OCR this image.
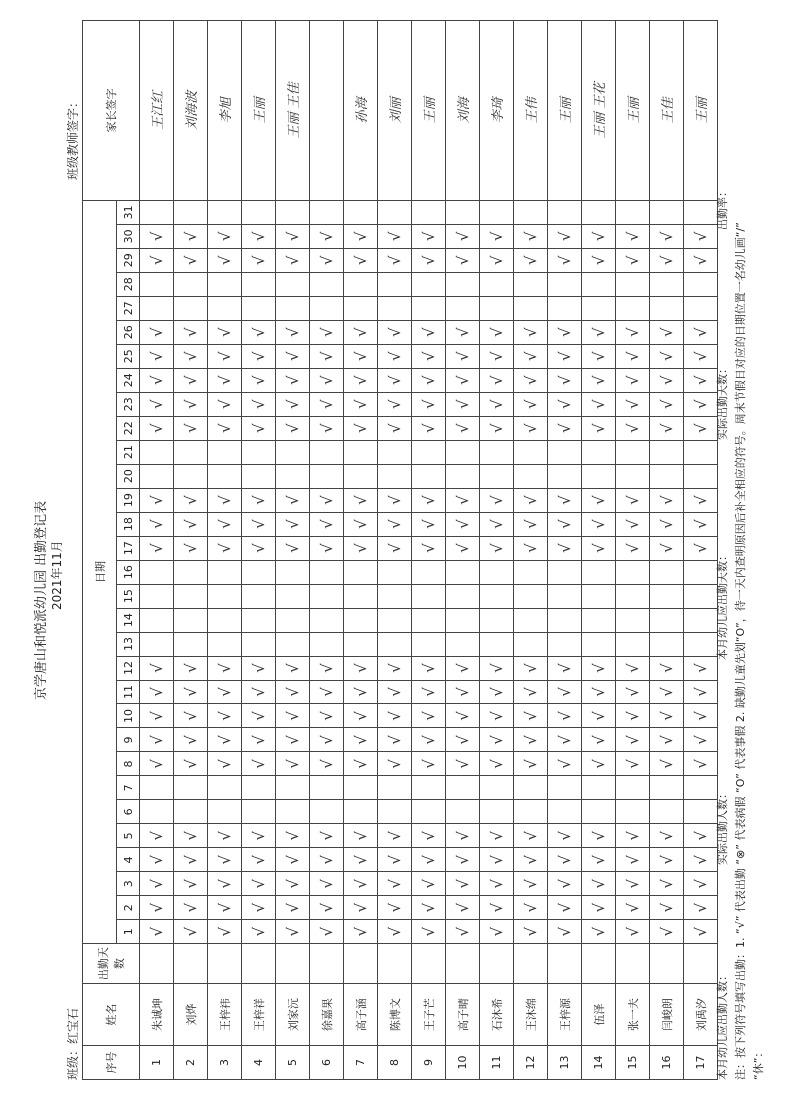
京学唐山和悦派幼儿园 出勤登记表 2021年11月
班级：红宝石
班级教师签字：
序号	姓名	出勤天数	日期																															家长签字
			1	2	3	4	5	6	7	8	9	10	11	12	13	14	15	16	17	18	19	20	21	22	23	24	25	26	27	28	29	30	31	
1	朱诚坤		√	√	√	√	√			√	√	√	√	√					√	√	√			√	√	√	√	√			√	√		王江红
2	刘烨		√	√	√	√	√			√	√	√	√	√					√	√	√			√	√	√	√	√			√	√		刘海波
3	王梓祎		√	√	√	√	√			√	√	√	√	√					√	√	√			√	√	√	√	√			√	√		李旭
4	王梓祥		√	√	√	√	√			√	√	√	√	√					√	√	√			√	√	√	√	√			√	√		王丽
5	刘家沅		√	√	√	√	√			√	√	√	√	√					√	√	√			√	√	√	√	√			√	√		王丽 王佳
6	徐嘉果		√	√	√	√	√			√	√	√	√	√					√	√	√			√	√	√	√	√			√	√		
7	高子涵		√	√	√	√	√			√	√	√	√	√					√	√	√			√	√	√	√	√			√	√		孙海
8	陈博文		√	√	√	√	√			√	√	√	√	√					√	√	√			√	√	√	√	√			√	√		刘丽
9	王子芒		√	√	√	√	√			√	√	√	√	√					√	√	√			√	√	√	√	√			√	√		王丽
10	高子晴		√	√	√	√	√			√	√	√	√	√					√	√	√			√	√	√	√	√			√	√		刘海
11	石沐希		√	√	√	√	√			√	√	√	√	√					√	√	√			√	√	√	√	√			√	√		李琦
12	王沐绵		√	√	√	√	√			√	√	√	√	√					√	√	√			√	√	√	√	√			√	√		王伟
13	王梓源		√	√	√	√	√			√	√	√	√	√					√	√	√			√	√	√	√	√			√	√		王丽
14	伍泽		√	√	√	√	√			√	√	√	√	√					√	√	√			√	√	√	√	√			√	√		王丽 王花
15	张一夫		√	√	√	√	√			√	√	√	√	√					√	√	√			√	√	√	√	√			√	√		王丽
16	闫峻朗		√	√	√	√	√			√	√	√	√	√					√	√	√			√	√	√	√	√			√	√		王佳
17	刘禹汐		√	√	√	√	√			√	√	√	√	√					√	√	√			√	√	√	√	√			√	√		王丽
本月幼儿应出勤人数：
实际出勤人数：
本月幼儿应出勤天数：
实际出勤天数：
出勤率：
注：按下列符号填写出勤：1. “√” 代表出勤 “⊗” 代表病假 “O” 代表事假 2. 缺勤儿童先划“O”，待一天内查明原因后补全相应的符号。周末节假日对应的日期位置一名幼儿画“/” “休”：
